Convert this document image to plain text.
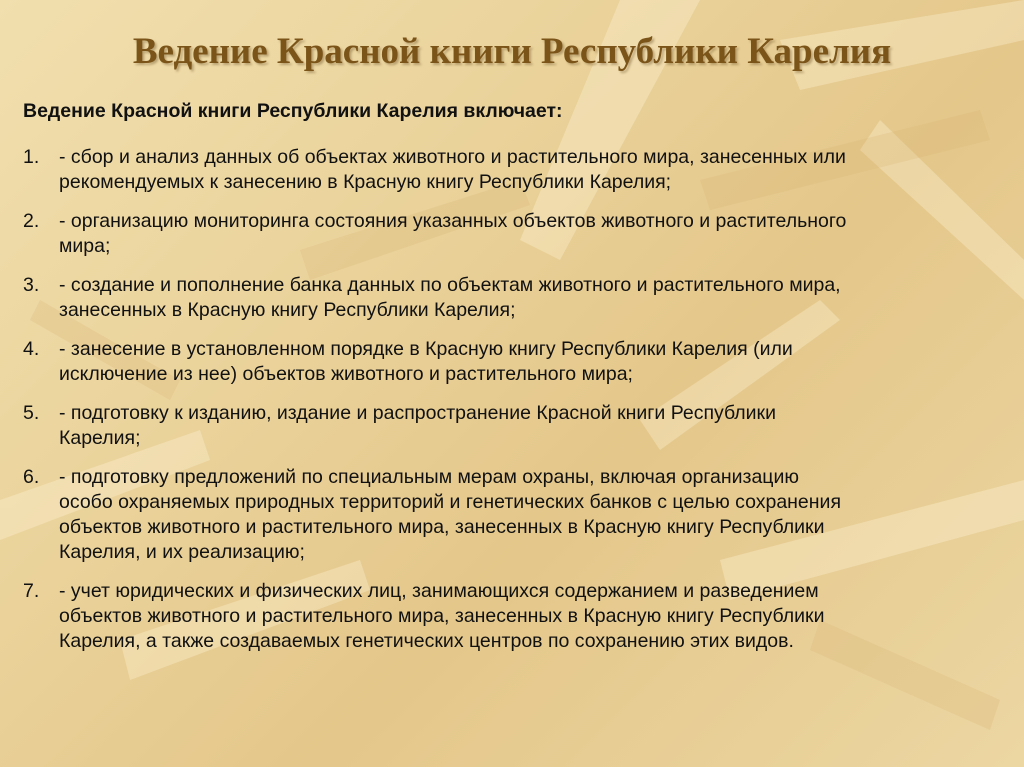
Ведение Красной книги Республики Карелия

Ведение Красной книги Республики Карелия включает:

1.	- сбор и анализ данных об объектах животного и растительного мира, занесенных или
рекомендуемых к занесению в Красную книгу Республики Карелия;
2.	- организацию мониторинга состояния указанных объектов животного и растительного
мира;
3.	- создание и пополнение банка данных по объектам животного и растительного мира,
занесенных в Красную книгу Республики Карелия;
4.	- занесение в установленном порядке в Красную книгу Республики Карелия (или
исключение из нее) объектов животного и растительного мира;
5.	- подготовку к изданию, издание и распространение Красной книги Республики
Карелия;
6.	- подготовку предложений по специальным мерам охраны, включая организацию
особо охраняемых природных территорий и генетических банков с целью сохранения
объектов животного и растительного мира, занесенных в Красную книгу Республики
Карелия, и их реализацию;
7.	- учет юридических и физических лиц, занимающихся содержанием и разведением
объектов животного и растительного мира, занесенных в Красную книгу Республики
Карелия, а также создаваемых генетических центров по сохранению этих видов.
